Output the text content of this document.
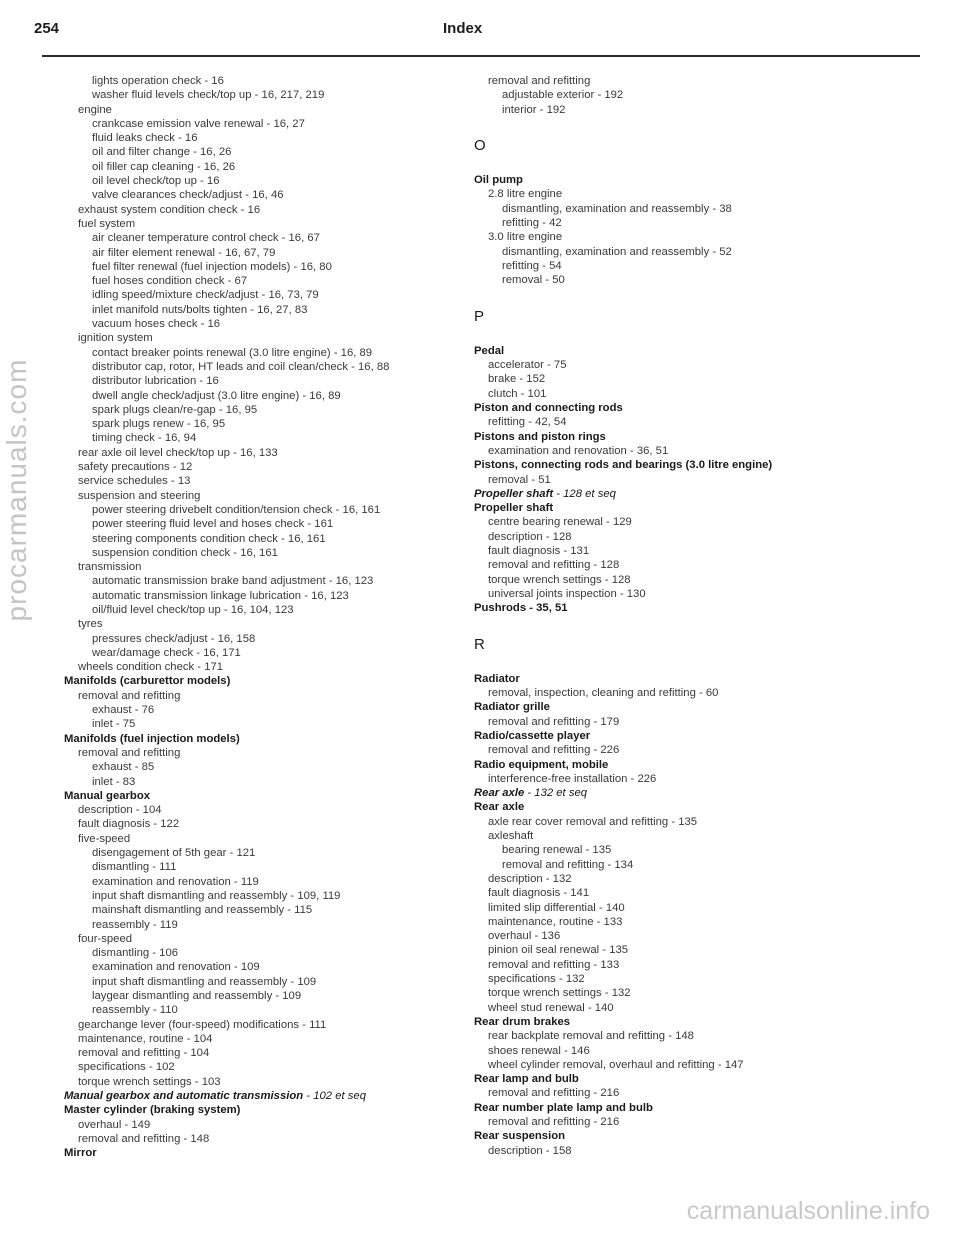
254	Index
procarmanuals.com
lights operation check - 16
washer fluid levels check/top up - 16, 217, 219
engine
crankcase emission valve renewal - 16, 27
fluid leaks check - 16
oil and filter change - 16, 26
oil filler cap cleaning - 16, 26
oil level check/top up - 16
valve clearances check/adjust - 16, 46
exhaust system condition check - 16
fuel system
air cleaner temperature control check - 16, 67
air filter element renewal - 16, 67, 79
fuel filter renewal (fuel injection models) - 16, 80
fuel hoses condition check - 67
idling speed/mixture check/adjust - 16, 73, 79
inlet manifold nuts/bolts tighten - 16, 27, 83
vacuum hoses check - 16
ignition system
contact breaker points renewal (3.0 litre engine) - 16, 89
distributor cap, rotor, HT leads and coil clean/check - 16, 88
distributor lubrication - 16
dwell angle check/adjust (3.0 litre engine) - 16, 89
spark plugs clean/re-gap - 16, 95
spark plugs renew - 16, 95
timing check - 16, 94
rear axle oil level check/top up - 16, 133
safety precautions - 12
service schedules - 13
suspension and steering
power steering drivebelt condition/tension check - 16, 161
power steering fluid level and hoses check - 161
steering components condition check - 16, 161
suspension condition check - 16, 161
transmission
automatic transmission brake band adjustment - 16, 123
automatic transmission linkage lubrication - 16, 123
oil/fluid level check/top up - 16, 104, 123
tyres
pressures check/adjust - 16, 158
wear/damage check - 16, 171
wheels condition check - 171
Manifolds (carburettor models)
removal and refitting
exhaust - 76
inlet - 75
Manifolds (fuel injection models)
removal and refitting
exhaust - 85
inlet - 83
Manual gearbox
description - 104
fault diagnosis - 122
five-speed
disengagement of 5th gear - 121
dismantling - 111
examination and renovation - 119
input shaft dismantling and reassembly - 109, 119
mainshaft dismantling and reassembly - 115
reassembly - 119
four-speed
dismantling - 106
examination and renovation - 109
input shaft dismantling and reassembly - 109
laygear dismantling and reassembly - 109
reassembly - 110
gearchange lever (four-speed) modifications - 111
maintenance, routine - 104
removal and refitting - 104
specifications - 102
torque wrench settings - 103
Manual gearbox and automatic transmission - 102 et seq
Master cylinder (braking system)
overhaul - 149
removal and refitting - 148
Mirror
removal and refitting
adjustable exterior - 192
interior - 192
O
Oil pump
2.8 litre engine
dismantling, examination and reassembly - 38
refitting - 42
3.0 litre engine
dismantling, examination and reassembly - 52
refitting - 54
removal - 50
P
Pedal
accelerator - 75
brake - 152
clutch - 101
Piston and connecting rods
refitting - 42, 54
Pistons and piston rings
examination and renovation - 36, 51
Pistons, connecting rods and bearings (3.0 litre engine)
removal - 51
Propeller shaft - 128 et seq
Propeller shaft
centre bearing renewal - 129
description - 128
fault diagnosis - 131
removal and refitting - 128
torque wrench settings - 128
universal joints inspection - 130
Pushrods - 35, 51
R
Radiator
removal, inspection, cleaning and refitting - 60
Radiator grille
removal and refitting - 179
Radio/cassette player
removal and refitting - 226
Radio equipment, mobile
interference-free installation - 226
Rear axle - 132 et seq
Rear axle
axle rear cover removal and refitting - 135
axleshaft
bearing renewal - 135
removal and refitting - 134
description - 132
fault diagnosis - 141
limited slip differential - 140
maintenance, routine - 133
overhaul - 136
pinion oil seal renewal - 135
removal and refitting - 133
specifications - 132
torque wrench settings - 132
wheel stud renewal - 140
Rear drum brakes
rear backplate removal and refitting - 148
shoes renewal - 146
wheel cylinder removal, overhaul and refitting - 147
Rear lamp and bulb
removal and refitting - 216
Rear number plate lamp and bulb
removal and refitting - 216
Rear suspension
description - 158
carmanualsonline.info
